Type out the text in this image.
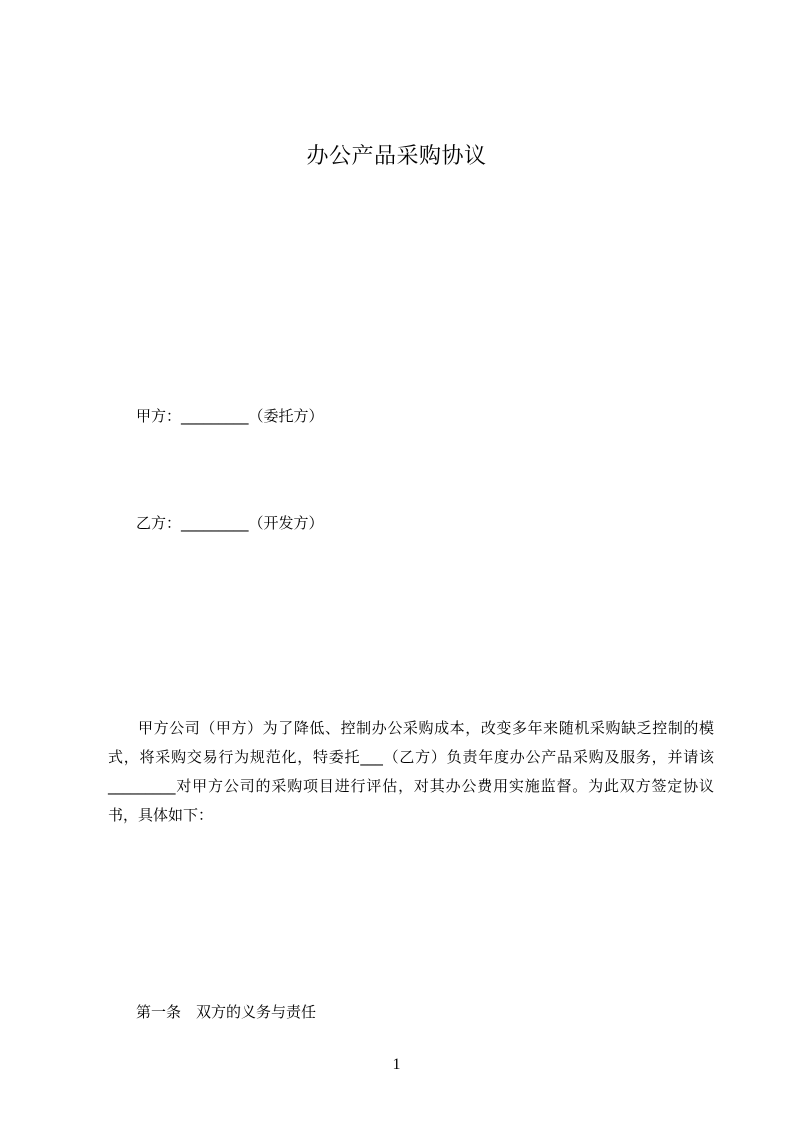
办公产品采购协议
甲方：_________（委托方）
乙方：_________（开发方）

甲方公司（甲方）为了降低、控制办公采购成本，改变多年来随机采购缺乏控制的模式，将采购交易行为规范化，特委托___（乙方）负责年度办公产品采购及服务，并请该_________对甲方公司的采购项目进行评估，对其办公费用实施监督。为此双方签定协议书，具体如下：

第一条　双方的义务与责任
1
